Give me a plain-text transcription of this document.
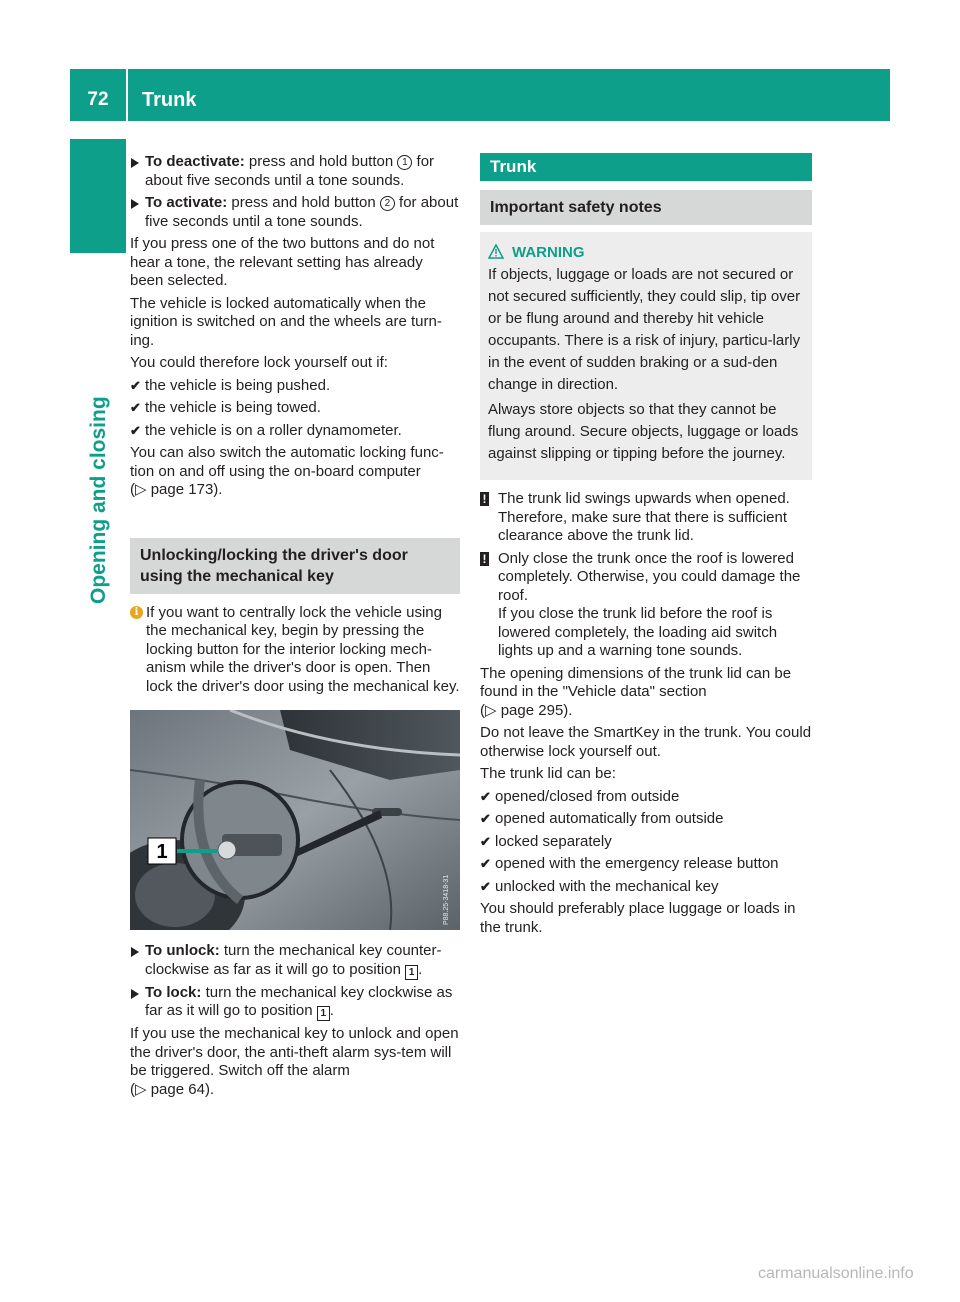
72	Trunk
Opening and closing
To deactivate: press and hold button 1 for about five seconds until a tone sounds.
To activate: press and hold button 2 for about five seconds until a tone sounds.

If you press one of the two buttons and do not hear a tone, the relevant setting has already been selected.

The vehicle is locked automatically when the ignition is switched on and the wheels are turn-ing.

You could therefore lock yourself out if:

✔ the vehicle is being pushed.
✔ the vehicle is being towed.
✔ the vehicle is on a roller dynamometer.

You can also switch the automatic locking func-tion on and off using the on-board computer
(▷ page 173).

Unlocking/locking the driver's door using the mechanical key
i If you want to centrally lock the vehicle using the mechanical key, begin by pressing the locking button for the interior locking mech-anism while the driver's door is open. Then lock the driver's door using the mechanical key.
1
P88.25-3418-31
To unlock: turn the mechanical key counter-clockwise as far as it will go to position 1 .
To lock: turn the mechanical key clockwise as far as it will go to position 1 .

If you use the mechanical key to unlock and open the driver's door, the anti-theft alarm sys-tem will be triggered. Switch off the alarm
(▷ page 64).

Trunk
Important safety notes
WARNING

If objects, luggage or loads are not secured or not secured sufficiently, they could slip, tip over or be flung around and thereby hit vehicle occupants. There is a risk of injury, particu-larly in the event of sudden braking or a sud-den change in direction.

Always store objects so that they cannot be flung around. Secure objects, luggage or loads against slipping or tipping before the journey.

! The trunk lid swings upwards when opened. Therefore, make sure that there is sufficient clearance above the trunk lid.
! Only close the trunk once the roof is lowered completely. Otherwise, you could damage the roof.
If you close the trunk lid before the roof is lowered completely, the loading aid switch lights up and a warning tone sounds.

The opening dimensions of the trunk lid can be found in the "Vehicle data" section
(▷ page 295).

Do not leave the SmartKey in the trunk. You could otherwise lock yourself out.

The trunk lid can be:

✔ opened/closed from outside
✔ opened automatically from outside
✔ locked separately
✔ opened with the emergency release button
✔ unlocked with the mechanical key

You should preferably place luggage or loads in the trunk.

carmanualsonline.info
